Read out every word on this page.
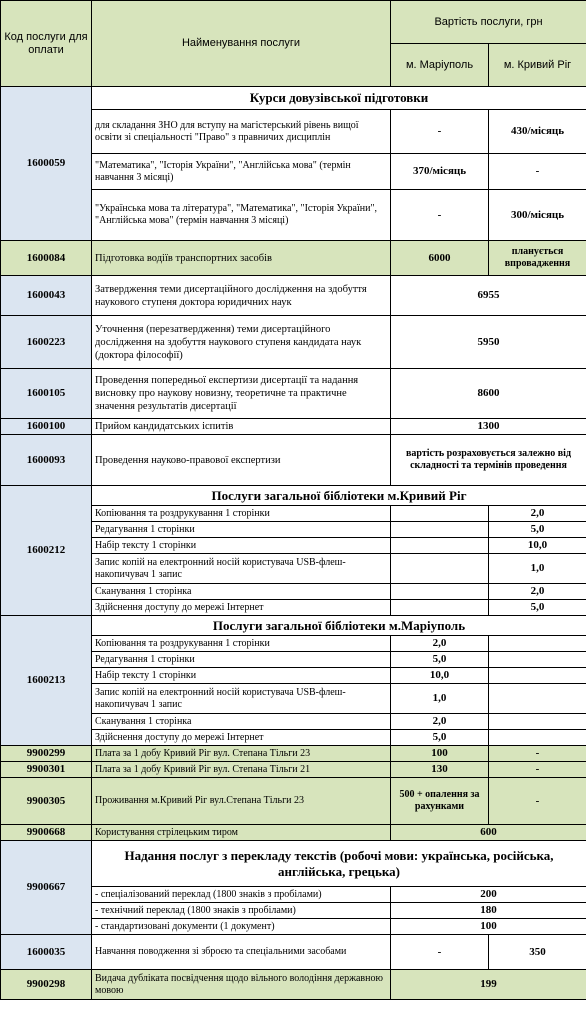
Код послуги для оплати	Найменування послуги	Вартість послуги, грн	
		м. Маріуполь	м. Кривий Ріг
1600059	Курси довузівської підготовки		
	для складання ЗНО для вступу на магістерський рівень вищої освіти зі спеціальності "Право" з правничих дисциплін	-	430/місяць
	"Математика", "Історія України", "Англійська мова" (термін навчання 3 місяці)	370/місяць	-
	"Українська мова та література", "Математика", "Історія України", "Англійська мова" (термін навчання 3 місяці)	-	300/місяць
1600084	Підготовка водіїв транспортних засобів	6000	планується впровадження
1600043	Затвердження теми дисертаційного дослідження на здобуття наукового ступеня доктора юридичних наук	6955	
1600223	Уточнення (перезатвердження) теми дисертаційного дослідження на здобуття наукового ступеня кандидата наук (доктора філософії)	5950	
1600105	Проведення попередньої експертизи дисертації та надання висновку про наукову новизну, теоретичне та практичне значення результатів дисертації	8600	
1600100	Прийом кандидатських іспитів	1300	
1600093	Проведення науково-правової експертизи	вартість розраховується залежно від складності та термінів проведення	
1600212	Послуги загальної бібліотеки м.Кривий Ріг		
	Копіювання та роздрукування 1 сторінки		2,0
	Редагування 1 сторінки		5,0
	Набір тексту 1 сторінки		10,0
	Запис копій на електронний носій користувача USB-флеш-накопичувач 1 запис		1,0
	Сканування 1 сторінка		2,0
	Здійснення доступу до мережі Інтернет		5,0
1600213	Послуги загальної бібліотеки м.Маріуполь		
	Копіювання та роздрукування 1 сторінки	2,0	
	Редагування 1 сторінки	5,0	
	Набір тексту 1 сторінки	10,0	
	Запис копій на електронний носій користувача USB-флеш-накопичувач 1 запис	1,0	
	Сканування 1 сторінка	2,0	
	Здійснення доступу до мережі Інтернет	5,0	
9900299	Плата за 1 добу Кривий Ріг вул. Степана Тільги 23	100	-
9900301	Плата за 1 добу Кривий Ріг вул. Степана Тільги 21	130	-
9900305	Проживання м.Кривий Ріг вул.Степана Тільги 23	500 + опалення за рахунками	-
9900668	Користування стрілецьким тиром	600	
9900667	Надання послуг з перекладу текстів (робочі мови: українська, російська, англійська, грецька)		
	- спеціалізований переклад (1800 знаків з пробілами)	200	
	- технічний переклад (1800 знаків з пробілами)	180	
	- стандартизовані документи (1 документ)	100	
1600035	Навчання поводження зі зброєю та спеціальними засобами	-	350
9900298	Видача дубліката посвідчення щодо вільного володіння державною мовою	199	
